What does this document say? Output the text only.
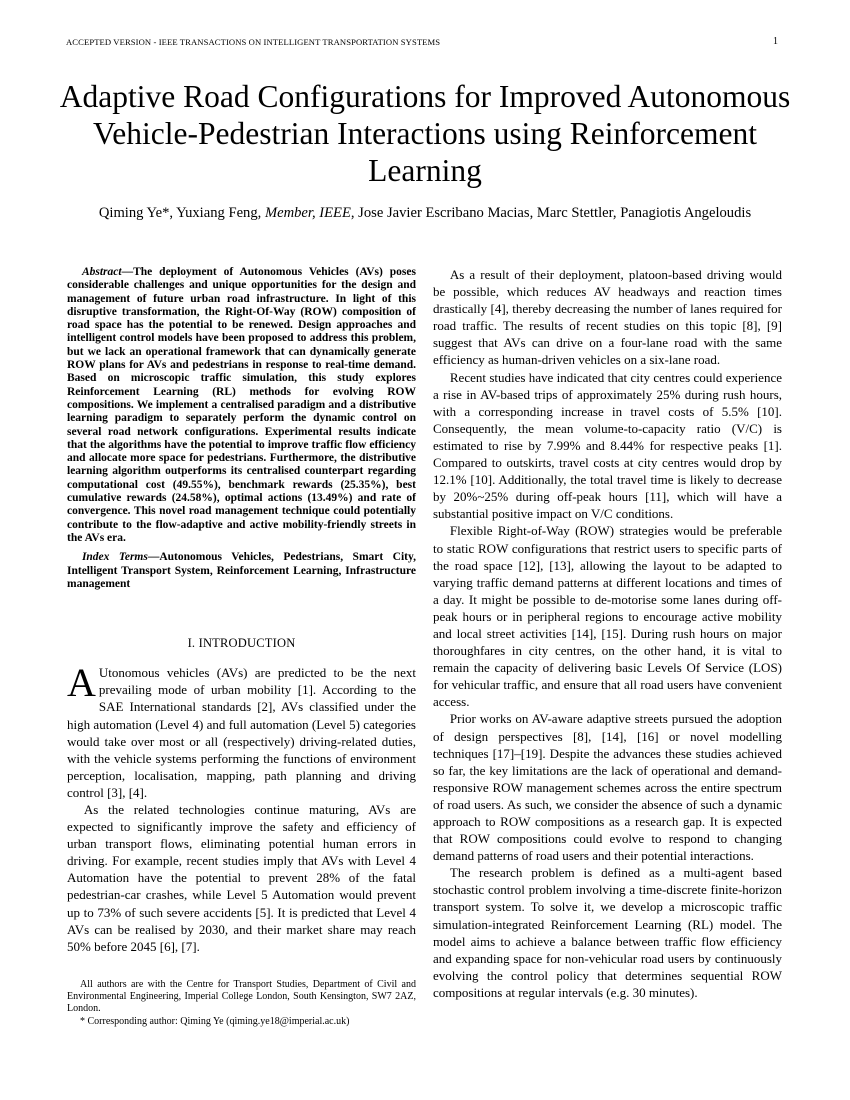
ACCEPTED VERSION - IEEE TRANSACTIONS ON INTELLIGENT TRANSPORTATION SYSTEMS	1
Adaptive Road Configurations for Improved Autonomous Vehicle-Pedestrian Interactions using Reinforcement Learning
Qiming Ye*, Yuxiang Feng, Member, IEEE, Jose Javier Escribano Macias, Marc Stettler, Panagiotis Angeloudis

Abstract—The deployment of Autonomous Vehicles (AVs) poses considerable challenges and unique opportunities for the design and management of future urban road infrastructure. In light of this disruptive transformation, the Right-Of-Way (ROW) composition of road space has the potential to be renewed. Design approaches and intelligent control models have been proposed to address this problem, but we lack an operational framework that can dynamically generate ROW plans for AVs and pedestrians in response to real-time demand. Based on microscopic traffic simulation, this study explores Reinforcement Learning (RL) methods for evolving ROW compositions. We implement a centralised paradigm and a distributive learning paradigm to separately perform the dynamic control on several road network configurations. Experimental results indicate that the algorithms have the potential to improve traffic flow efficiency and allocate more space for pedestrians. Furthermore, the distributive learning algorithm outperforms its centralised counterpart regarding computational cost (49.55%), benchmark rewards (25.35%), best cumulative rewards (24.58%), optimal actions (13.49%) and rate of convergence. This novel road management technique could potentially contribute to the flow-adaptive and active mobility-friendly streets in the AVs era.

Index Terms—Autonomous Vehicles, Pedestrians, Smart City, Intelligent Transport System, Reinforcement Learning, Infrastructure management

I. INTRODUCTION

A Utonomous vehicles (AVs) are predicted to be the next prevailing mode of urban mobility [1]. According to the SAE International standards [2], AVs classified under the high automation (Level 4) and full automation (Level 5) categories would take over most or all (respectively) driving-related duties, with the vehicle systems performing the functions of environment perception, localisation, mapping, path planning and driving control [3], [4].

As the related technologies continue maturing, AVs are expected to significantly improve the safety and efficiency of urban transport flows, eliminating potential human errors in driving. For example, recent studies imply that AVs with Level 4 Automation have the potential to prevent 28% of the fatal pedestrian-car crashes, while Level 5 Automation would prevent up to 73% of such severe accidents [5]. It is predicted that Level 4 AVs can be realised by 2030, and their market share may reach 50% before 2045 [6], [7].

All authors are with the Centre for Transport Studies, Department of Civil and Environmental Engineering, Imperial College London, South Kensington, SW7 2AZ, London.

* Corresponding author: Qiming Ye (qiming.ye18@imperial.ac.uk)

As a result of their deployment, platoon-based driving would be possible, which reduces AV headways and reaction times drastically [4], thereby decreasing the number of lanes required for road traffic. The results of recent studies on this topic [8], [9] suggest that AVs can drive on a four-lane road with the same efficiency as human-driven vehicles on a six-lane road.

Recent studies have indicated that city centres could experience a rise in AV-based trips of approximately 25% during rush hours, with a corresponding increase in travel costs of 5.5% [10]. Consequently, the mean volume-to-capacity ratio (V/C) is estimated to rise by 7.99% and 8.44% for respective peaks [1]. Compared to outskirts, travel costs at city centres would drop by 12.1% [10]. Additionally, the total travel time is likely to decrease by 20%~25% during off-peak hours [11], which will have a substantial positive impact on V/C conditions.

Flexible Right-of-Way (ROW) strategies would be preferable to static ROW configurations that restrict users to specific parts of the road space [12], [13], allowing the layout to be adapted to varying traffic demand patterns at different locations and times of a day. It might be possible to de-motorise some lanes during off-peak hours or in peripheral regions to encourage active mobility and local street activities [14], [15]. During rush hours on major thoroughfares in city centres, on the other hand, it is vital to remain the capacity of delivering basic Levels Of Service (LOS) for vehicular traffic, and ensure that all road users have convenient access.

Prior works on AV-aware adaptive streets pursued the adoption of design perspectives [8], [14], [16] or novel modelling techniques [17]–[19]. Despite the advances these studies achieved so far, the key limitations are the lack of operational and demand-responsive ROW management schemes across the entire spectrum of road users. As such, we consider the absence of such a dynamic approach to ROW compositions as a research gap. It is expected that ROW compositions could evolve to respond to changing demand patterns of road users and their potential interactions.

The research problem is defined as a multi-agent based stochastic control problem involving a time-discrete finite-horizon transport system. To solve it, we develop a microscopic traffic simulation-integrated Reinforcement Learning (RL) model. The model aims to achieve a balance between traffic flow efficiency and expanding space for non-vehicular road users by continuously evolving the control policy that determines sequential ROW compositions at regular intervals (e.g. 30 minutes).
